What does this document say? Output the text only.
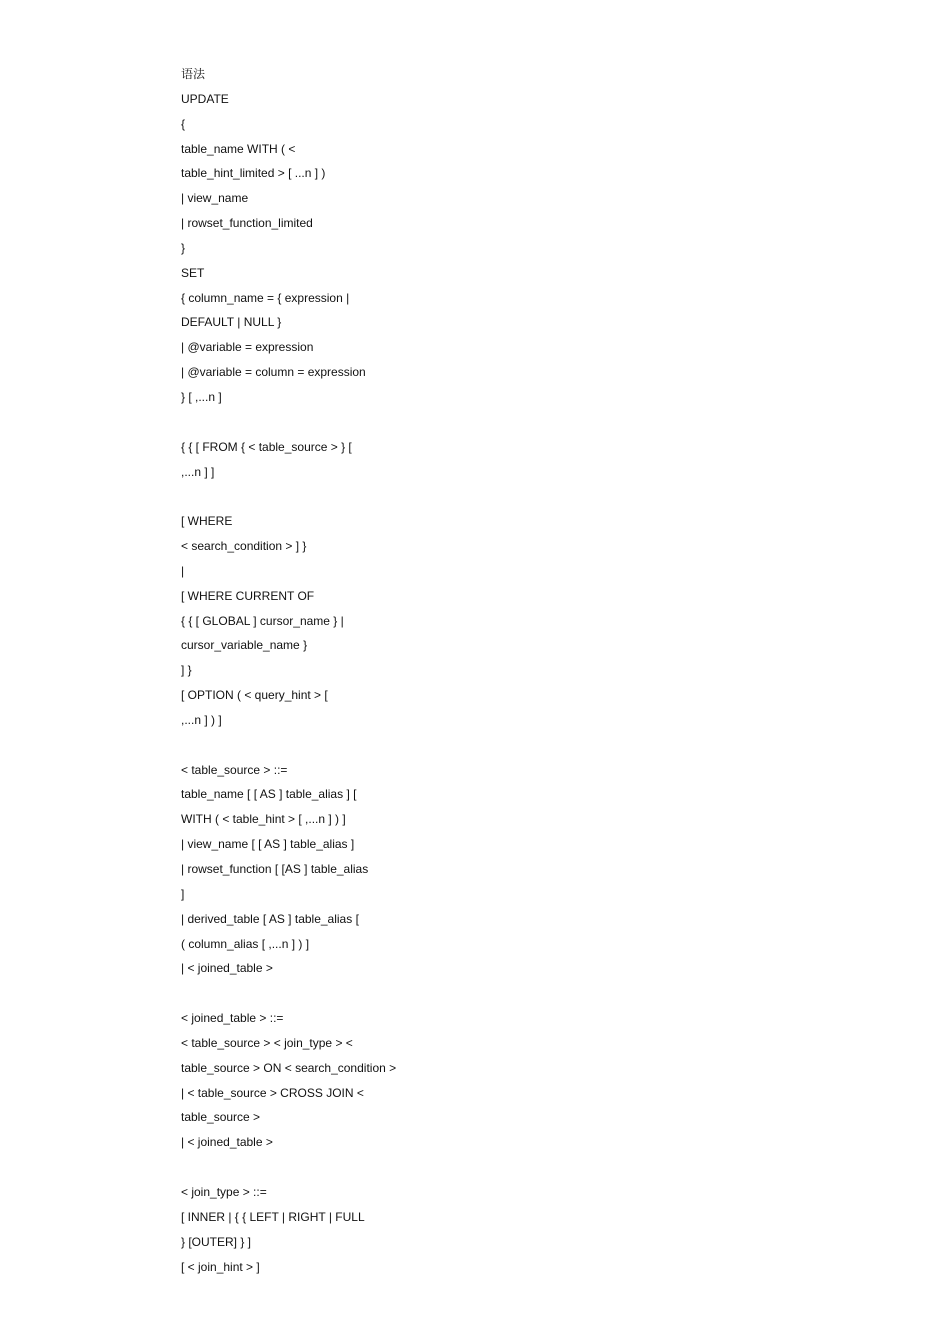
语法
UPDATE
{
table_name WITH ( <
table_hint_limited > [ ...n ] )
| view_name
| rowset_function_limited
}
SET
{ column_name = { expression |
DEFAULT | NULL }
| @variable = expression
| @variable = column = expression
} [ ,...n ]
{ { [ FROM { < table_source > } [
,...n ] ]
[ WHERE
< search_condition > ] }
|
[ WHERE CURRENT OF
{ { [ GLOBAL ] cursor_name } |
cursor_variable_name }
] }
[ OPTION ( < query_hint > [
,...n ] ) ]
< table_source > ::=
table_name [ [ AS ] table_alias ] [
WITH ( < table_hint > [ ,...n ] ) ]
| view_name [ [ AS ] table_alias ]
| rowset_function [ [AS ] table_alias
]
| derived_table [ AS ] table_alias [
( column_alias [ ,...n ] ) ]
| < joined_table >
< joined_table > ::=
< table_source > < join_type > <
table_source > ON < search_condition >
| < table_source > CROSS JOIN <
table_source >
| < joined_table >
< join_type > ::=
[ INNER | { { LEFT | RIGHT | FULL
} [OUTER] } ]
[ < join_hint > ]
